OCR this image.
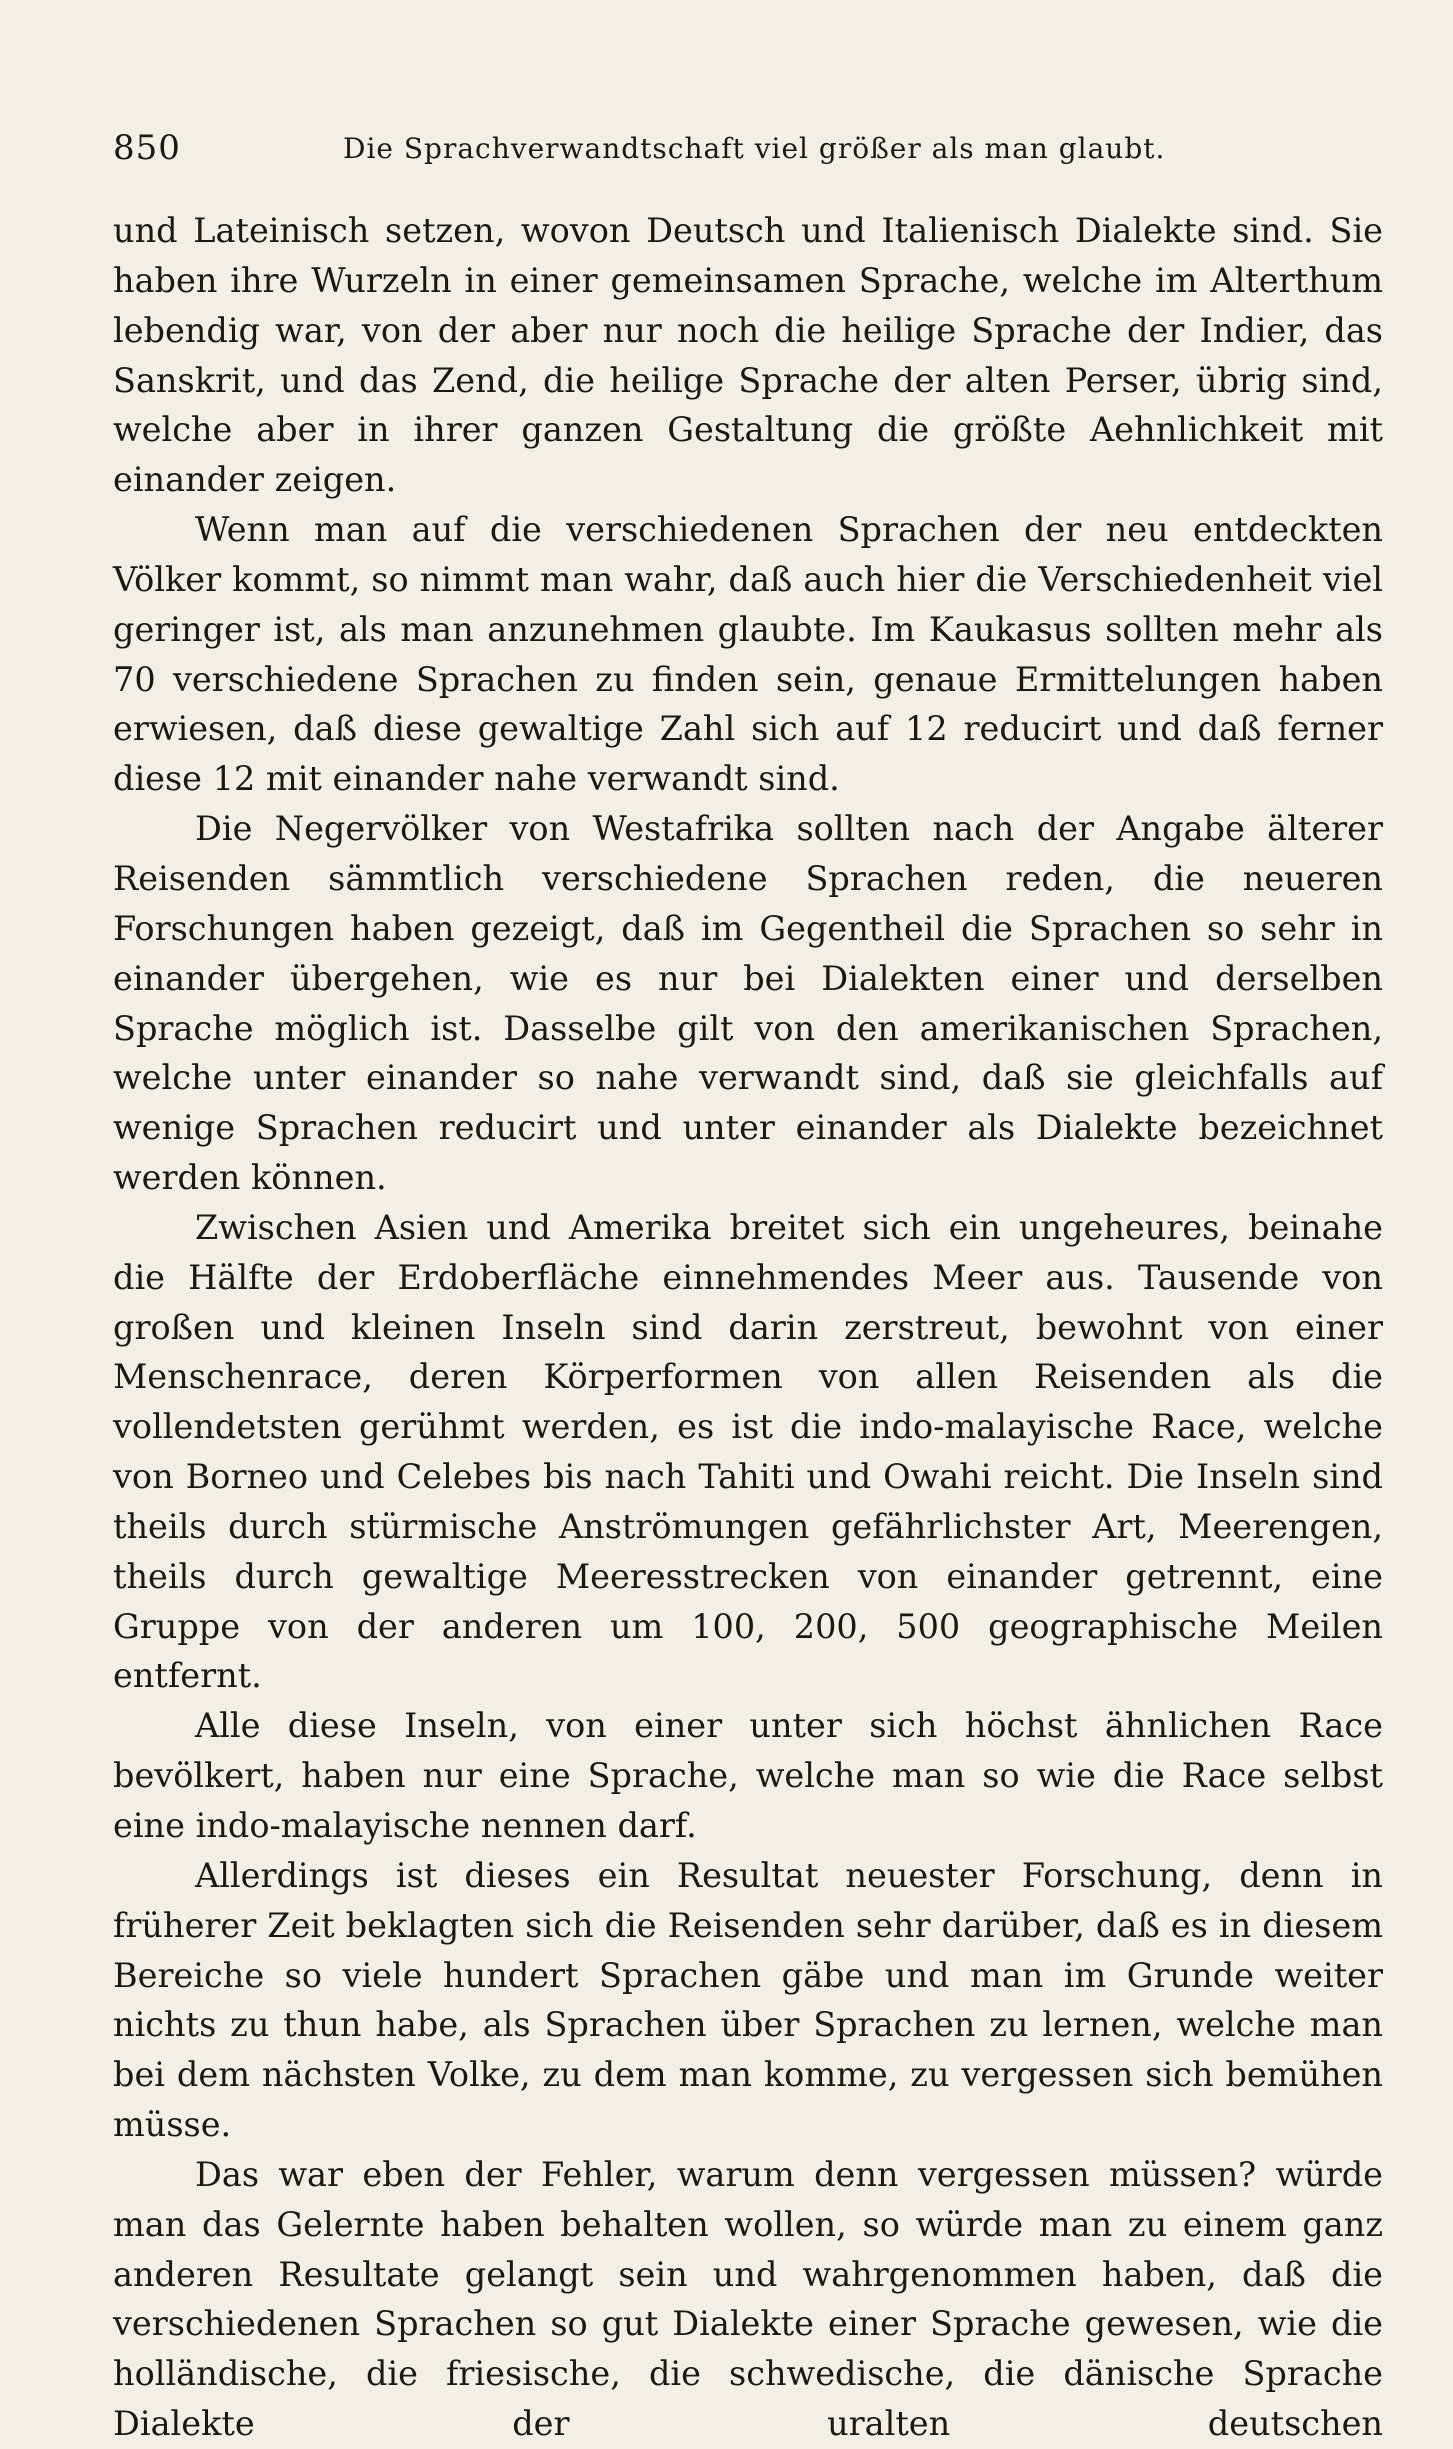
850	Die Sprachverwandtschaft viel größer als man glaubt.

und Lateinisch setzen, wovon Deutsch und Italienisch Dialekte sind. Sie haben ihre Wurzeln in einer gemeinsamen Sprache, welche im Alterthum lebendig war, von der aber nur noch die heilige Sprache der Indier, das Sanskrit, und das Zend, die heilige Sprache der alten Perser, übrig sind, welche aber in ihrer ganzen Gestaltung die größte Aehnlichkeit mit einander zeigen.

Wenn man auf die verschiedenen Sprachen der neu entdeckten Völker kommt, so nimmt man wahr, daß auch hier die Verschiedenheit viel geringer ist, als man anzunehmen glaubte. Im Kaukasus sollten mehr als 70 verschiedene Sprachen zu finden sein, genaue Ermittelungen haben erwiesen, daß diese gewaltige Zahl sich auf 12 reducirt und daß ferner diese 12 mit einander nahe verwandt sind.

Die Negervölker von Westafrika sollten nach der Angabe älterer Reisenden sämmtlich verschiedene Sprachen reden, die neueren Forschungen haben gezeigt, daß im Gegentheil die Sprachen so sehr in einander übergehen, wie es nur bei Dialekten einer und derselben Sprache möglich ist. Dasselbe gilt von den amerikanischen Sprachen, welche unter einander so nahe verwandt sind, daß sie gleichfalls auf wenige Sprachen reducirt und unter einander als Dialekte bezeichnet werden können.

Zwischen Asien und Amerika breitet sich ein ungeheures, beinahe die Hälfte der Erdoberfläche einnehmendes Meer aus. Tausende von großen und kleinen Inseln sind darin zerstreut, bewohnt von einer Menschenrace, deren Körperformen von allen Reisenden als die vollendetsten gerühmt werden, es ist die indo-malayische Race, welche von Borneo und Celebes bis nach Tahiti und Owahi reicht. Die Inseln sind theils durch stürmische Anströmungen gefährlichster Art, Meerengen, theils durch gewaltige Meeresstrecken von einander getrennt, eine Gruppe von der anderen um 100, 200, 500 geographische Meilen entfernt.

Alle diese Inseln, von einer unter sich höchst ähnlichen Race bevölkert, haben nur eine Sprache, welche man so wie die Race selbst eine indo-malayische nennen darf.

Allerdings ist dieses ein Resultat neuester Forschung, denn in früherer Zeit beklagten sich die Reisenden sehr darüber, daß es in diesem Bereiche so viele hundert Sprachen gäbe und man im Grunde weiter nichts zu thun habe, als Sprachen über Sprachen zu lernen, welche man bei dem nächsten Volke, zu dem man komme, zu vergessen sich bemühen müsse.

Das war eben der Fehler, warum denn vergessen müssen? würde man das Gelernte haben behalten wollen, so würde man zu einem ganz anderen Resultate gelangt sein und wahrgenommen haben, daß die verschiedenen Sprachen so gut Dialekte einer Sprache gewesen, wie die holländische, die friesische, die schwedische, die dänische Sprache Dialekte der uralten deutschen
